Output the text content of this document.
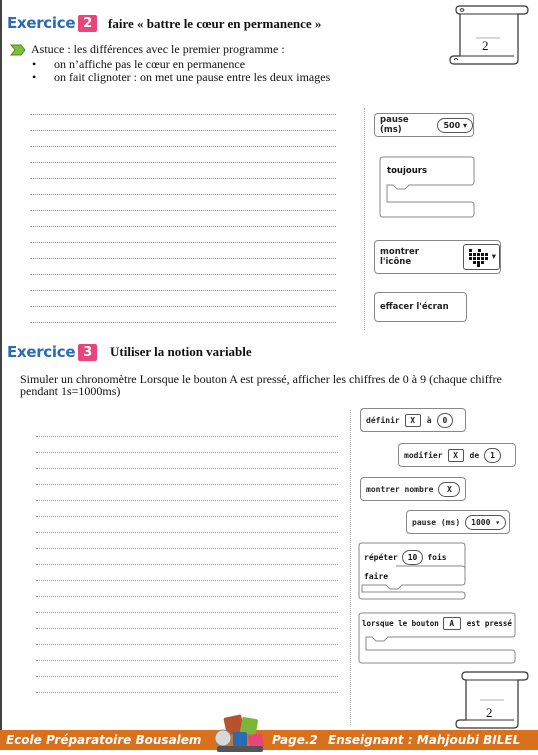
Exercice 2	faire « battre le cœur en permanence »
Astuce : les différences avec le premier programme :
• on n’affiche pas le cœur en permanence
• on fait clignoter : on met une pause entre les deux images
2
pause (ms)	500
▾
toujours
montrer l'icône	▾
effacer l'écran
Exercice 3	Utiliser la notion variable
Simuler un chronomètre Lorsque le bouton A est pressé, afficher les chiffres de 0 à 9 (chaque chiffre pendant 1s=1000ms)
définir	X	à	0
modifier	X	de	1
montrer nombre	X
pause (ms) 1000
▾
répéter	10	fois
faire
lorsque le bouton	A	est pressé
2
Ecole Préparatoire Bousalem	Page.2 Enseignant : Mahjoubi BILEL
